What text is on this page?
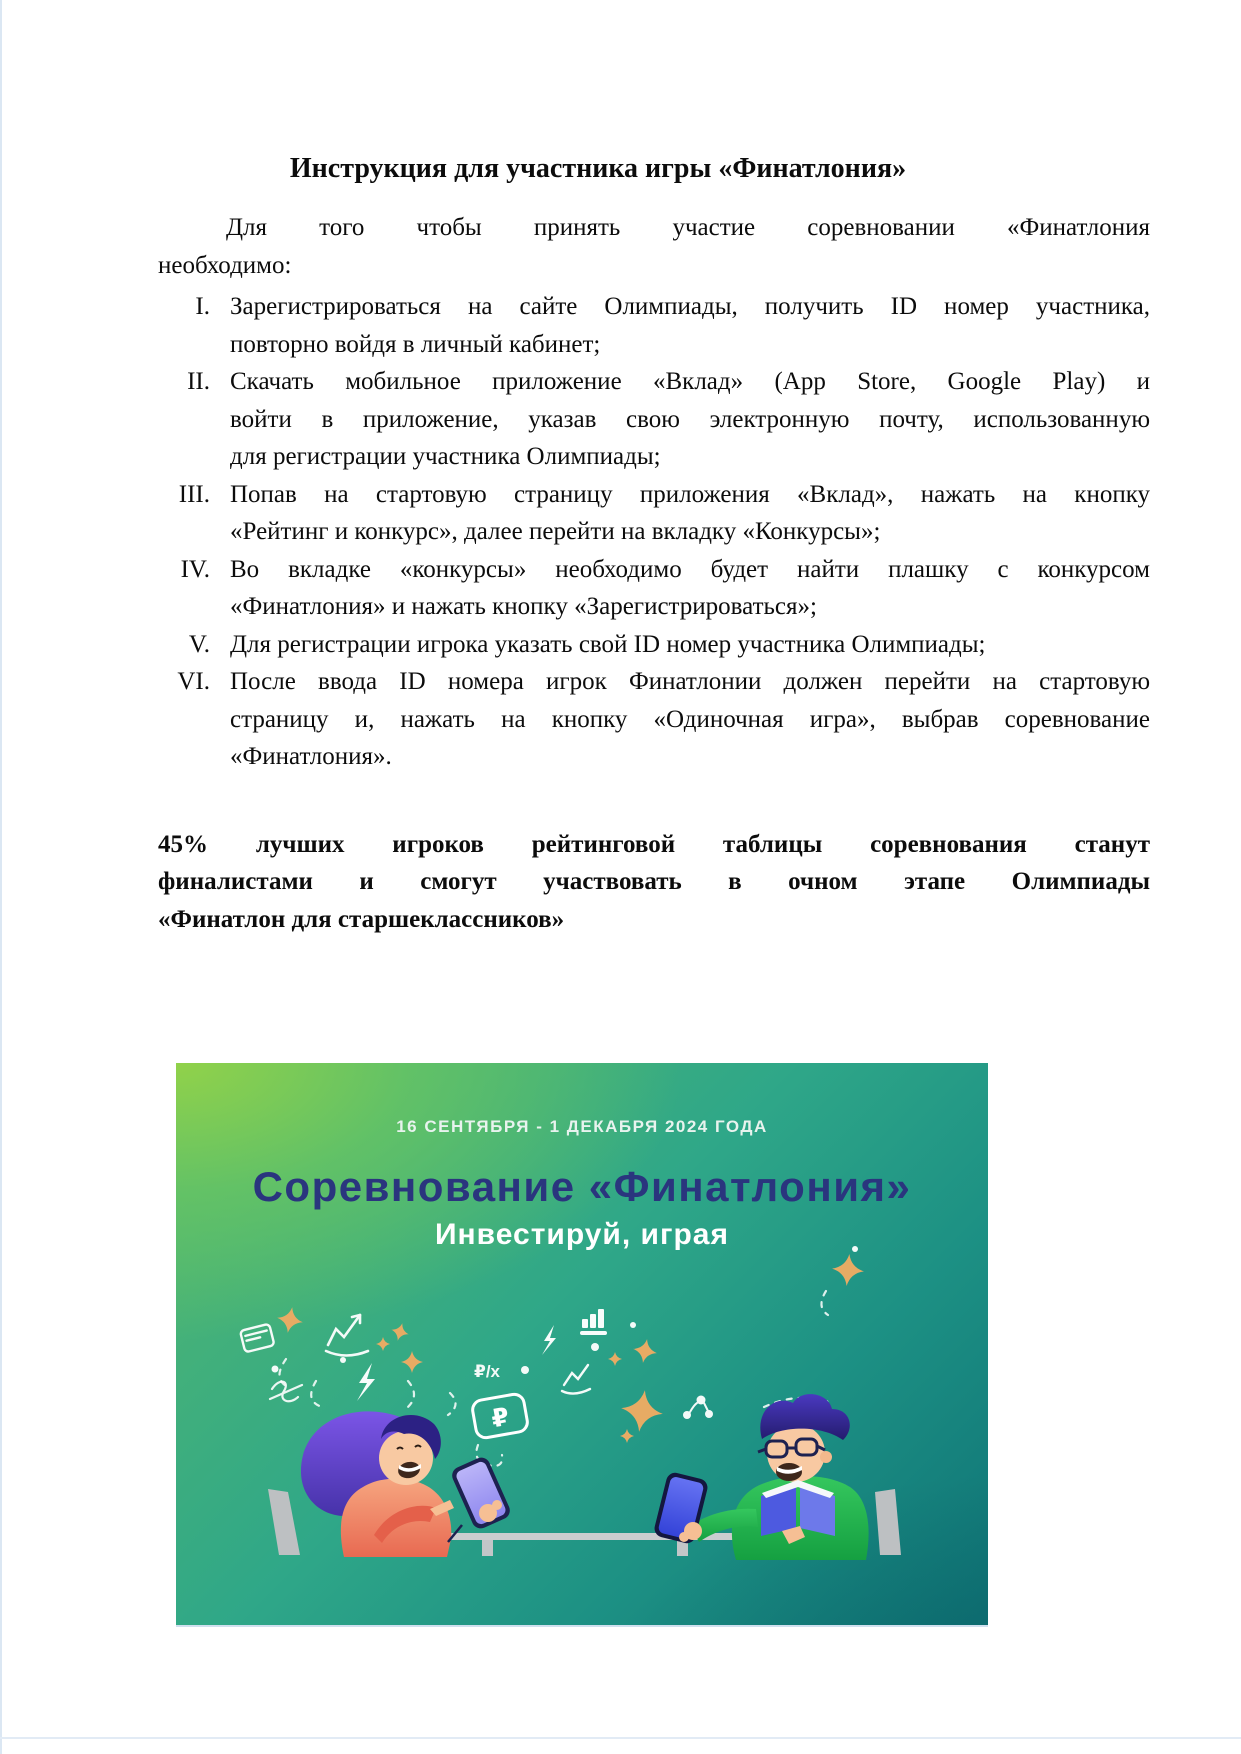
Инструкция для участника игры «Финатлония»
Для того чтобы принять участие соревновании «Финатлония
необходимо:
I. Зарегистрироваться на сайте Олимпиады, получить ID номер участника,
повторно войдя в личный кабинет;
II. Скачать мобильное приложение «Вклад» (App Store, Google Play) и
войти в приложение, указав свою электронную почту, использованную
для регистрации участника Олимпиады;
III. Попав на стартовую страницу приложения «Вклад», нажать на кнопку
«Рейтинг и конкурс», далее перейти на вкладку «Конкурсы»;
IV. Во вкладке «конкурсы» необходимо будет найти плашку с конкурсом
«Финатлония» и нажать кнопку «Зарегистрироваться»;
V. Для регистрации игрока указать свой ID номер участника Олимпиады;
VI. После ввода ID номера игрок Финатлонии должен перейти на стартовую
страницу и, нажать на кнопку «Одиночная игра», выбрав соревнование
«Финатлония».
45% лучших игроков рейтинговой таблицы соревнования станут
финалистами и смогут участвовать в очном этапе Олимпиады
«Финатлон для старшеклассников»
₽
₽/x
16 СЕНТЯБРЯ - 1 ДЕКАБРЯ 2024 ГОДА
Соревнование «Финатлония»
Инвестируй, играя
